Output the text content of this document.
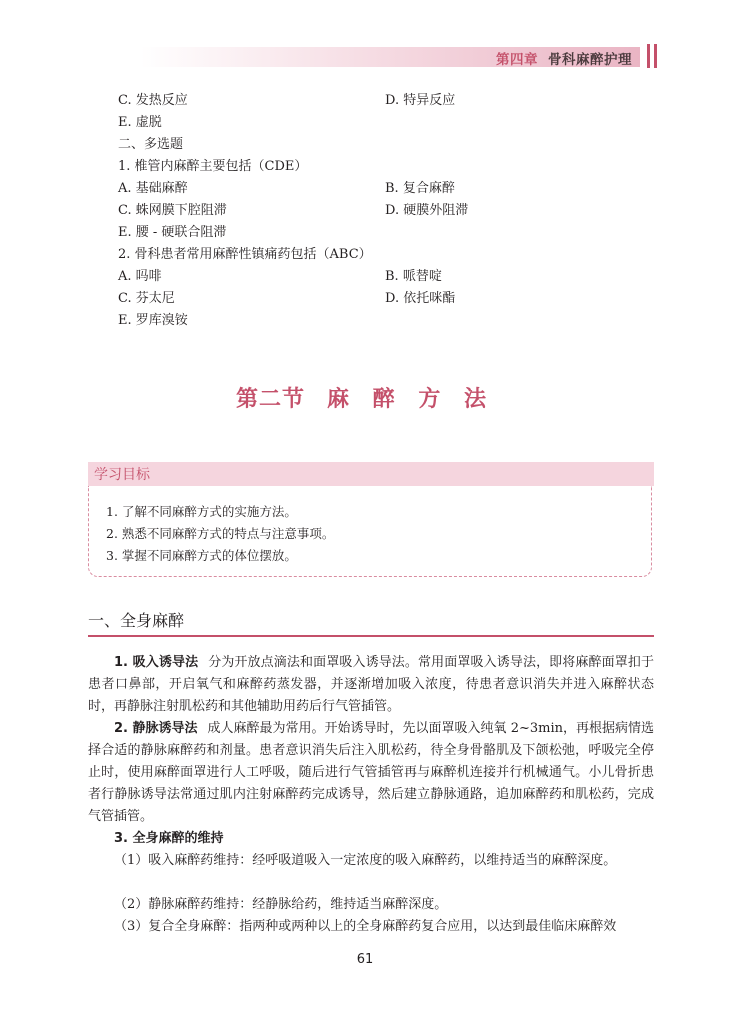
第四章 骨科麻醉护理
C. 发热反应	D. 特异反应
E. 虚脱
二、多选题
1. 椎管内麻醉主要包括（CDE）
A. 基础麻醉	B. 复合麻醉
C. 蛛网膜下腔阻滞	D. 硬膜外阻滞
E. 腰 - 硬联合阻滞
2. 骨科患者常用麻醉性镇痛药包括（ABC）
A. 吗啡	B. 哌替啶
C. 芬太尼	D. 依托咪酯
E. 罗库溴铵
第二节 麻 醉 方 法
学习目标
1. 了解不同麻醉方式的实施方法。
2. 熟悉不同麻醉方式的特点与注意事项。
3. 掌握不同麻醉方式的体位摆放。
一、全身麻醉
1. 吸入诱导法 分为开放点滴法和面罩吸入诱导法。常用面罩吸入诱导法，即将麻醉面罩扣于患者口鼻部，开启氧气和麻醉药蒸发器，并逐渐增加吸入浓度，待患者意识消失并进入麻醉状态时，再静脉注射肌松药和其他辅助用药后行气管插管。
2. 静脉诱导法 成人麻醉最为常用。开始诱导时，先以面罩吸入纯氧 2~3min，再根据病情选择合适的静脉麻醉药和剂量。患者意识消失后注入肌松药，待全身骨骼肌及下颌松弛，呼吸完全停止时，使用麻醉面罩进行人工呼吸，随后进行气管插管再与麻醉机连接并行机械通气。小儿骨折患者行静脉诱导法常通过肌内注射麻醉药完成诱导，然后建立静脉通路，追加麻醉药和肌松药，完成气管插管。
3. 全身麻醉的维持
（1）吸入麻醉药维持：经呼吸道吸入一定浓度的吸入麻醉药，以维持适当的麻醉深度。
（2）静脉麻醉药维持：经静脉给药，维持适当麻醉深度。
（3）复合全身麻醉：指两种或两种以上的全身麻醉药复合应用，以达到最佳临床麻醉效
61
